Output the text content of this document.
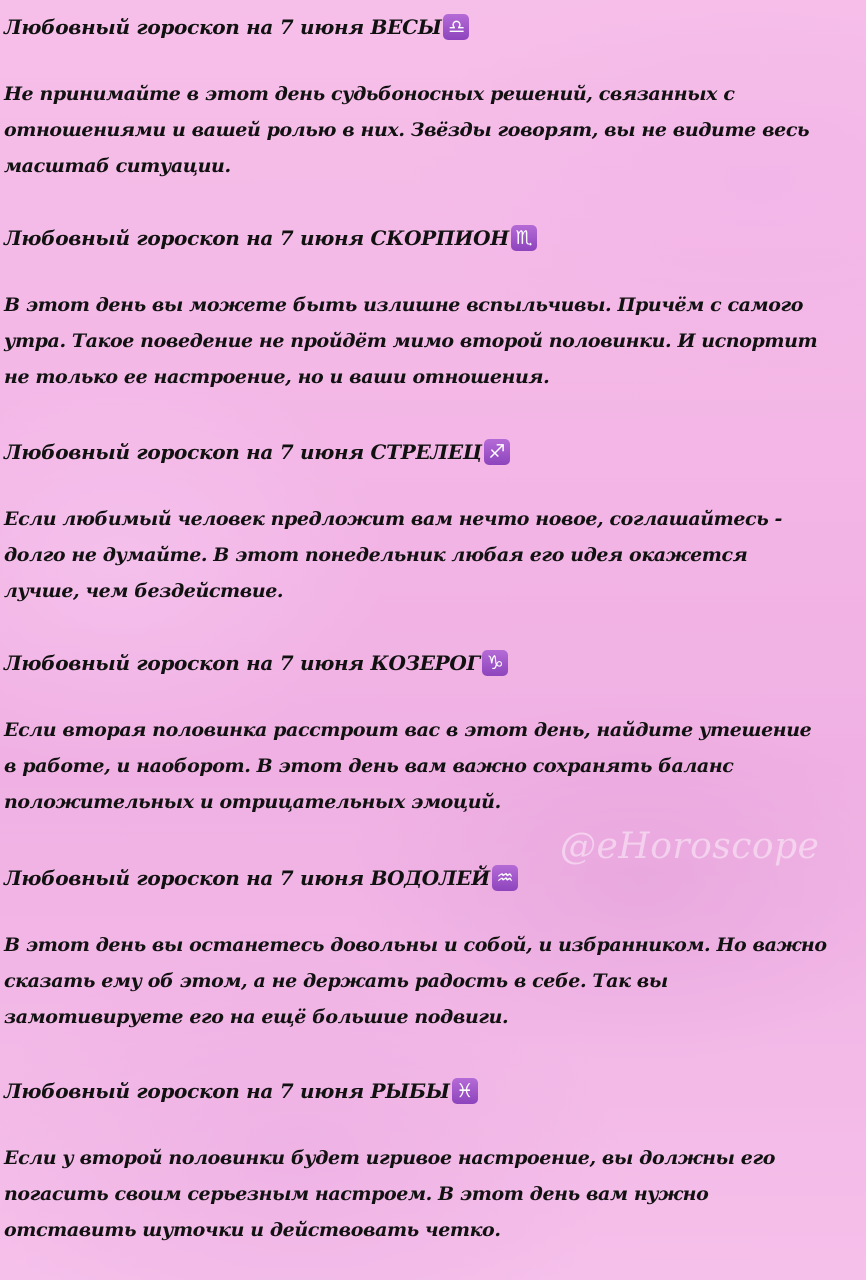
@eHoroscope
Любовный гороскоп на 7 июня ВЕСЫ ♎
Не принимайте в этот день судьбоносных решений, связанных с
отношениями и вашей ролью в них. Звёзды говорят, вы не видите весь
масштаб ситуации.
Любовный гороскоп на 7 июня СКОРПИОН ♏
В этот день вы можете быть излишне вспыльчивы. Причём с самого
утра. Такое поведение не пройдёт мимо второй половинки. И испортит
не только ее настроение, но и ваши отношения.
Любовный гороскоп на 7 июня СТРЕЛЕЦ ♐
Если любимый человек предложит вам нечто новое, соглашайтесь -
долго не думайте. В этот понедельник любая его идея окажется
лучше, чем бездействие.
Любовный гороскоп на 7 июня КОЗЕРОГ ♑
Если вторая половинка расстроит вас в этот день, найдите утешение
в работе, и наоборот. В этот день вам важно сохранять баланс
положительных и отрицательных эмоций.
Любовный гороскоп на 7 июня ВОДОЛЕЙ ♒
В этот день вы останетесь довольны и собой, и избранником. Но важно
сказать ему об этом, а не держать радость в себе. Так вы
замотивируете его на ещё большие подвиги.
Любовный гороскоп на 7 июня РЫБЫ ♓
Если у второй половинки будет игривое настроение, вы должны его
погасить своим серьезным настроем. В этот день вам нужно
отставить шуточки и действовать четко.
